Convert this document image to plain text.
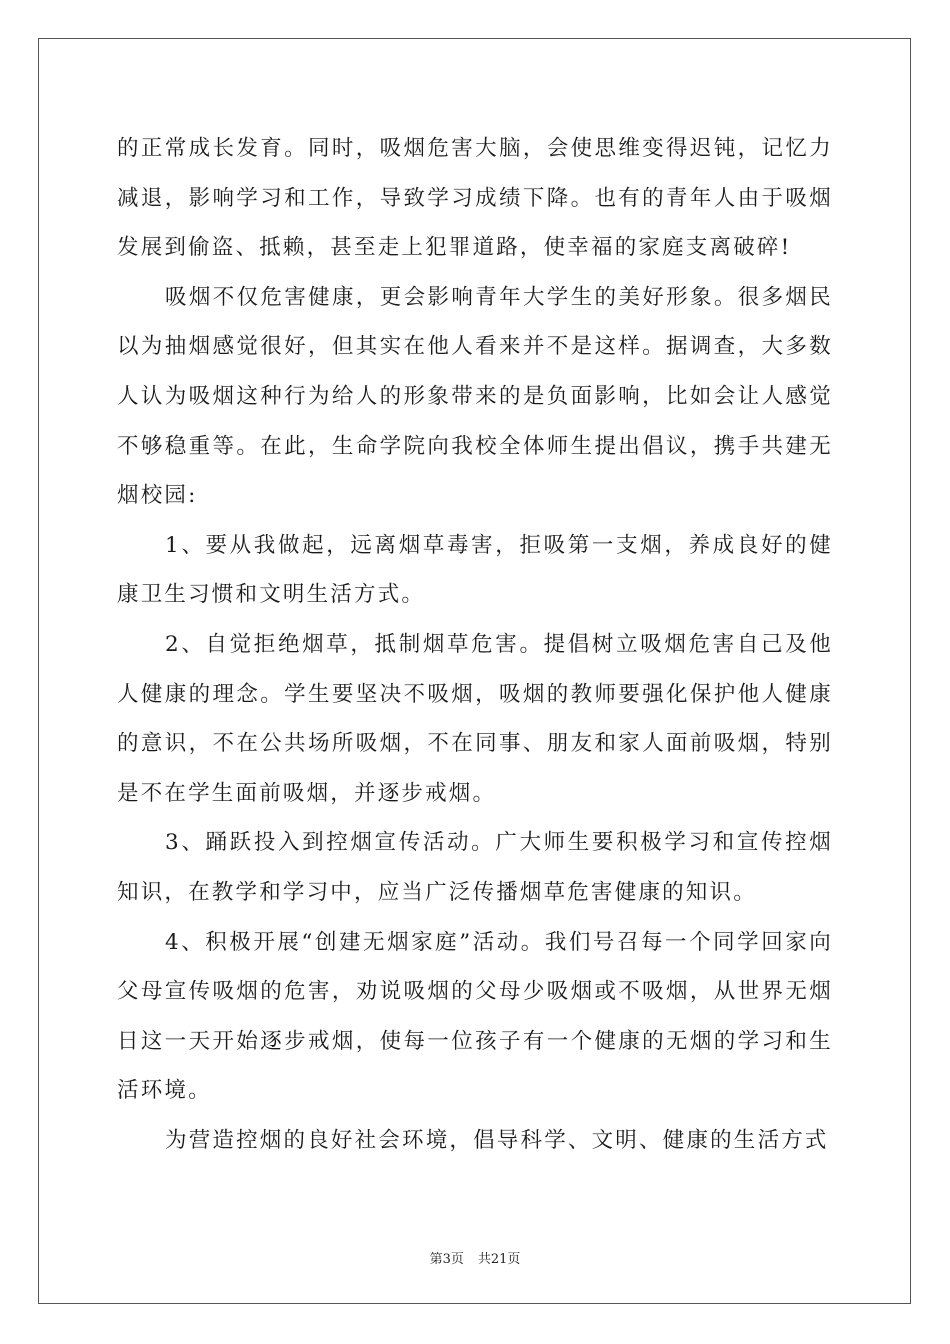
的正常成长发育。同时，吸烟危害大脑，会使思维变得迟钝，记忆力减退，影响学习和工作，导致学习成绩下降。也有的青年人由于吸烟发展到偷盗、抵赖，甚至走上犯罪道路，使幸福的家庭支离破碎!

吸烟不仅危害健康，更会影响青年大学生的美好形象。很多烟民以为抽烟感觉很好，但其实在他人看来并不是这样。据调查，大多数人认为吸烟这种行为给人的形象带来的是负面影响，比如会让人感觉不够稳重等。在此，生命学院向我校全体师生提出倡议，携手共建无烟校园:

1、要从我做起，远离烟草毒害，拒吸第一支烟，养成良好的健康卫生习惯和文明生活方式。

2、自觉拒绝烟草，抵制烟草危害。提倡树立吸烟危害自己及他人健康的理念。学生要坚决不吸烟，吸烟的教师要强化保护他人健康的意识，不在公共场所吸烟，不在同事、朋友和家人面前吸烟，特别是不在学生面前吸烟，并逐步戒烟。

3、踊跃投入到控烟宣传活动。广大师生要积极学习和宣传控烟知识，在教学和学习中，应当广泛传播烟草危害健康的知识。

4、积极开展“创建无烟家庭”活动。我们号召每一个同学回家向父母宣传吸烟的危害，劝说吸烟的父母少吸烟或不吸烟，从世界无烟日这一天开始逐步戒烟，使每一位孩子有一个健康的无烟的学习和生活环境。

为营造控烟的良好社会环境，倡导科学、文明、健康的生活方式

第3页 共21页
